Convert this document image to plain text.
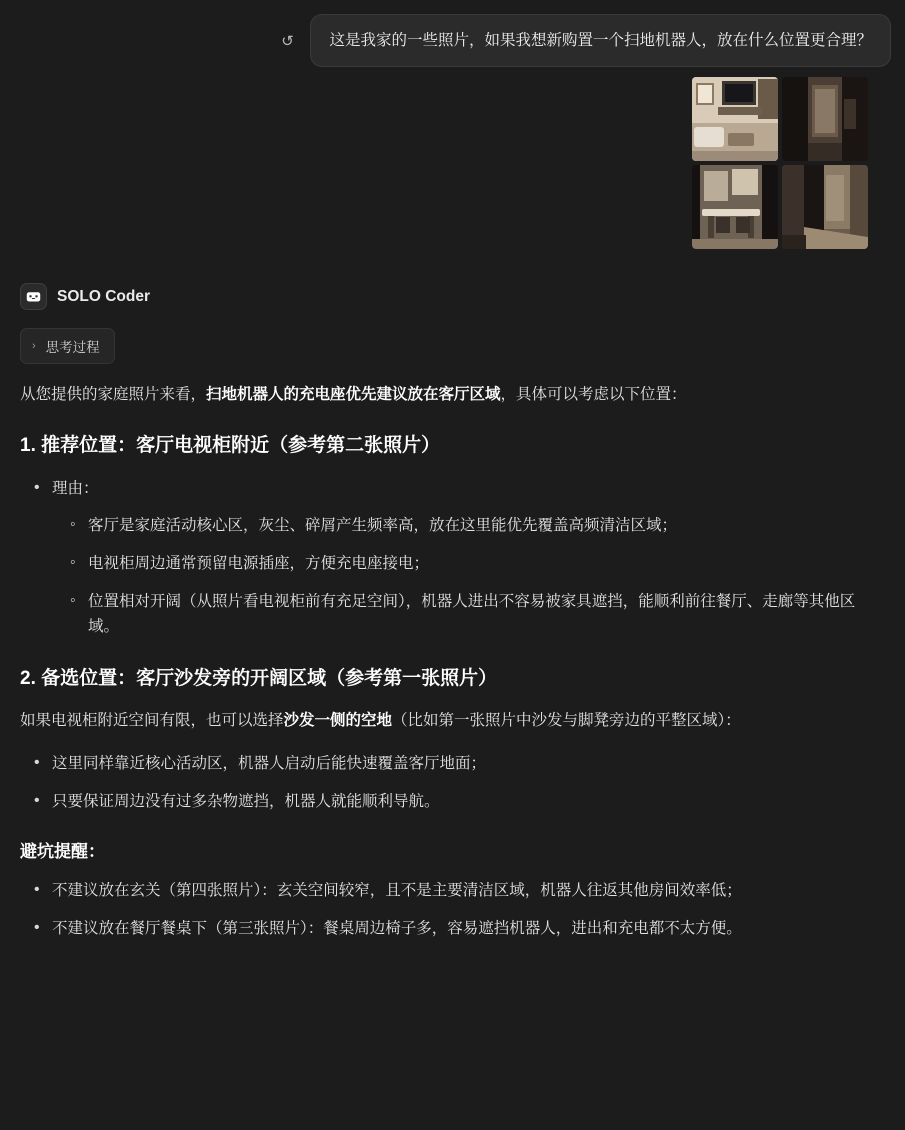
↺	这是我家的一些照片，如果我想新购置一个扫地机器人，放在什么位置更合理？
SOLO Coder
› 思考过程

从您提供的家庭照片来看，扫地机器人的充电座优先建议放在客厅区域，具体可以考虑以下位置：

1. 推荐位置：客厅电视柜附近（参考第二张照片）
• 理由：
◦ 客厅是家庭活动核心区，灰尘、碎屑产生频率高，放在这里能优先覆盖高频清洁区域；
◦ 电视柜周边通常预留电源插座，方便充电座接电；
◦ 位置相对开阔（从照片看电视柜前有充足空间），机器人进出不容易被家具遮挡，能顺利前往餐厅、走廊等其他区域。
2. 备选位置：客厅沙发旁的开阔区域（参考第一张照片）

如果电视柜附近空间有限，也可以选择沙发一侧的空地（比如第一张照片中沙发与脚凳旁边的平整区域）：

• 这里同样靠近核心活动区，机器人启动后能快速覆盖客厅地面；
• 只要保证周边没有过多杂物遮挡，机器人就能顺利导航。
避坑提醒：
• 不建议放在玄关（第四张照片）：玄关空间较窄，且不是主要清洁区域，机器人往返其他房间效率低；
• 不建议放在餐厅餐桌下（第三张照片）：餐桌周边椅子多，容易遮挡机器人，进出和充电都不太方便。
